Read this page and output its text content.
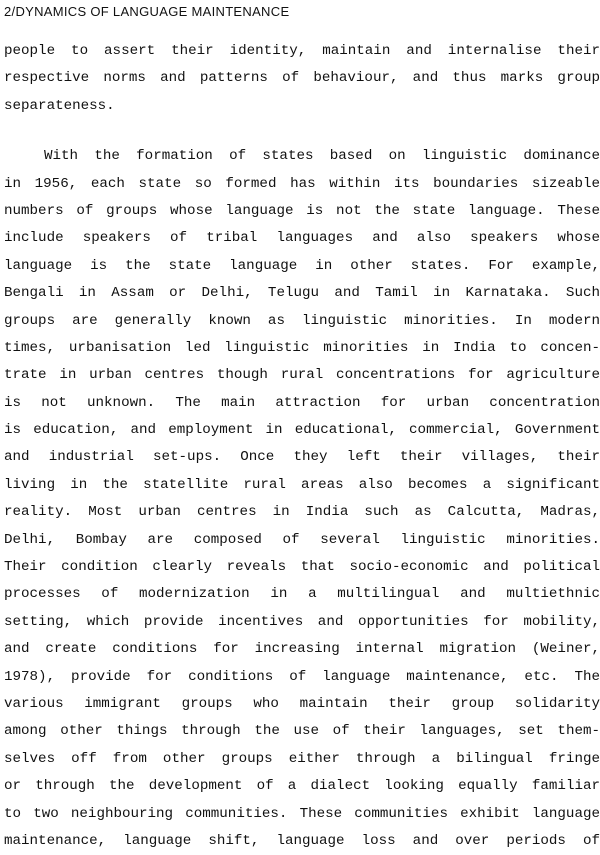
2/DYNAMICS OF LANGUAGE MAINTENANCE
people to assert their identity, maintain and internalise their
respective norms and patterns of behaviour, and thus marks group
separateness.
With the formation of states based on linguistic dominance
in 1956, each state so formed has within its boundaries sizeable
numbers of groups whose language is not the state language. These
include speakers of tribal languages and also speakers whose
language is the state language in other states. For example,
Bengali in Assam or Delhi, Telugu and Tamil in Karnataka. Such
groups are generally known as linguistic minorities. In modern
times, urbanisation led linguistic minorities in India to concen-
trate in urban centres though rural concentrations for agriculture
is not unknown. The main attraction for urban concentration
is education, and employment in educational, commercial, Government
and industrial set-ups. Once they left their villages, their
living in the statellite rural areas also becomes a significant
reality. Most urban centres in India such as Calcutta, Madras,
Delhi, Bombay are composed of several linguistic minorities.
Their condition clearly reveals that socio-economic and political
processes of modernization in a multilingual and multiethnic
setting, which provide incentives and opportunities for mobility,
and create conditions for increasing internal migration (Weiner,
1978), provide for conditions of language maintenance, etc. The
various immigrant groups who maintain their group solidarity
among other things through the use of their languages, set them-
selves off from other groups either through a bilingual fringe
or through the development of a dialect looking equally familiar
to two neighbouring communities. These communities exhibit language
maintenance, language shift, language loss and over periods of
